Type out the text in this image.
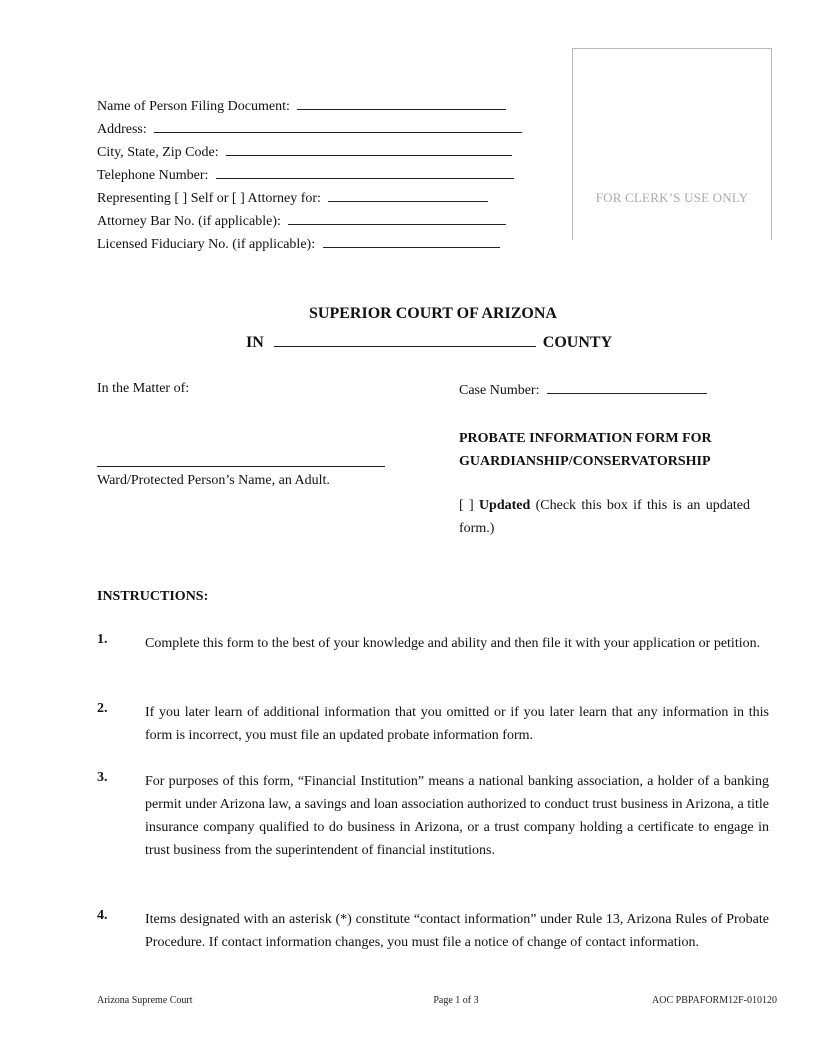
Name of Person Filing Document:
Address:
City, State, Zip Code:
Telephone Number:
Representing [ ] Self or [ ] Attorney for:
Attorney Bar No. (if applicable):
Licensed Fiduciary No. (if applicable):
FOR CLERK’S USE ONLY
SUPERIOR COURT OF ARIZONA
IN	COUNTY
In the Matter of:
Ward/Protected Person’s Name, an Adult.
Case Number:
PROBATE INFORMATION FORM FOR
GUARDIANSHIP/CONSERVATORSHIP
[ ] Updated (Check this box if this is an updated form.)
INSTRUCTIONS:
1.	Complete this form to the best of your knowledge and ability and then file it with your application or petition.
2.	If you later learn of additional information that you omitted or if you later learn that any information in this form is incorrect, you must file an updated probate information form.
3.	For purposes of this form, “Financial Institution” means a national banking association, a holder of a banking permit under Arizona law, a savings and loan association authorized to conduct trust business in Arizona, a title insurance company qualified to do business in Arizona, or a trust company holding a certificate to engage in trust business from the superintendent of financial institutions.
4.	Items designated with an asterisk (*) constitute “contact information” under Rule 13, Arizona Rules of Probate Procedure. If contact information changes, you must file a notice of change of contact information.
Arizona Supreme Court	Page 1 of 3	AOC PBPAFORM12F-010120
